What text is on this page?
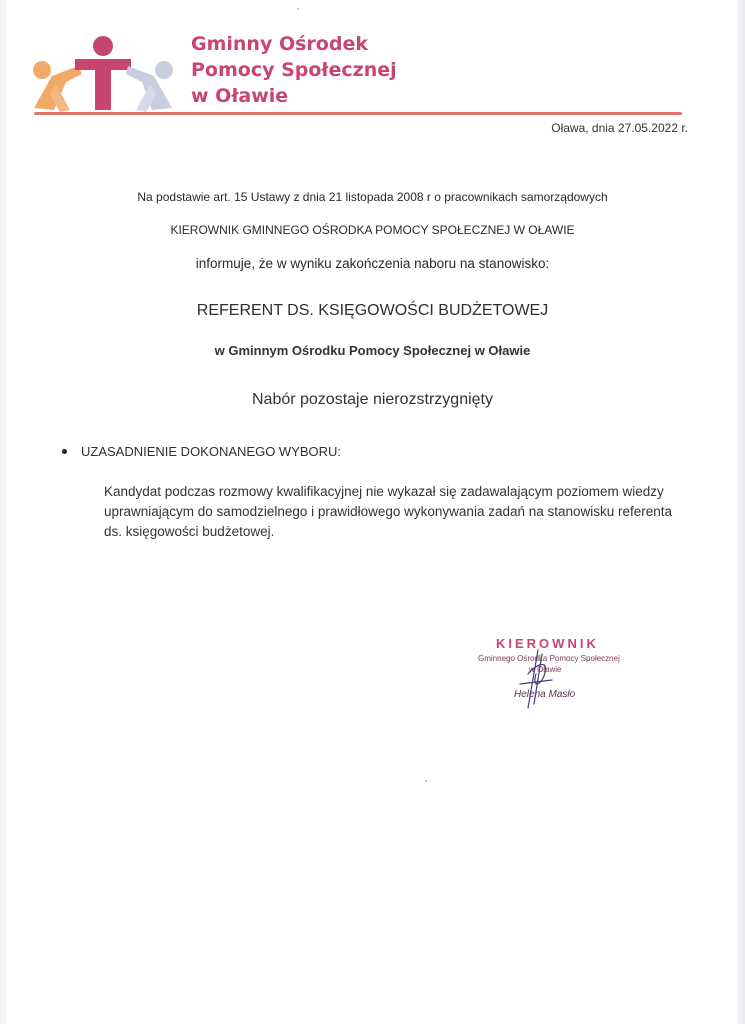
Gminny Ośrodek
Pomocy Społecznej
w Oławie
Oława, dnia 27.05.2022 r.
Na podstawie art. 15 Ustawy z dnia 21 listopada 2008 r o pracownikach samorządowych
KIEROWNIK GMINNEGO OŚRODKA POMOCY SPOŁECZNEJ W OŁAWIE
informuje, że w wyniku zakończenia naboru na stanowisko:
REFERENT DS. KSIĘGOWOŚCI BUDŻETOWEJ
w Gminnym Ośrodku Pomocy Społecznej w Oławie
Nabór pozostaje nierozstrzygnięty
UZASADNIENIE DOKONANEGO WYBORU:
Kandydat podczas rozmowy kwalifikacyjnej nie wykazał się zadawalającym poziomem wiedzy uprawniającym do samodzielnego i prawidłowego wykonywania zadań na stanowisku referenta ds. księgowości budżetowej.
KIEROWNIK
Gminnego Ośrodka Pomocy Społecznej
w Oławie
Helena Masło
